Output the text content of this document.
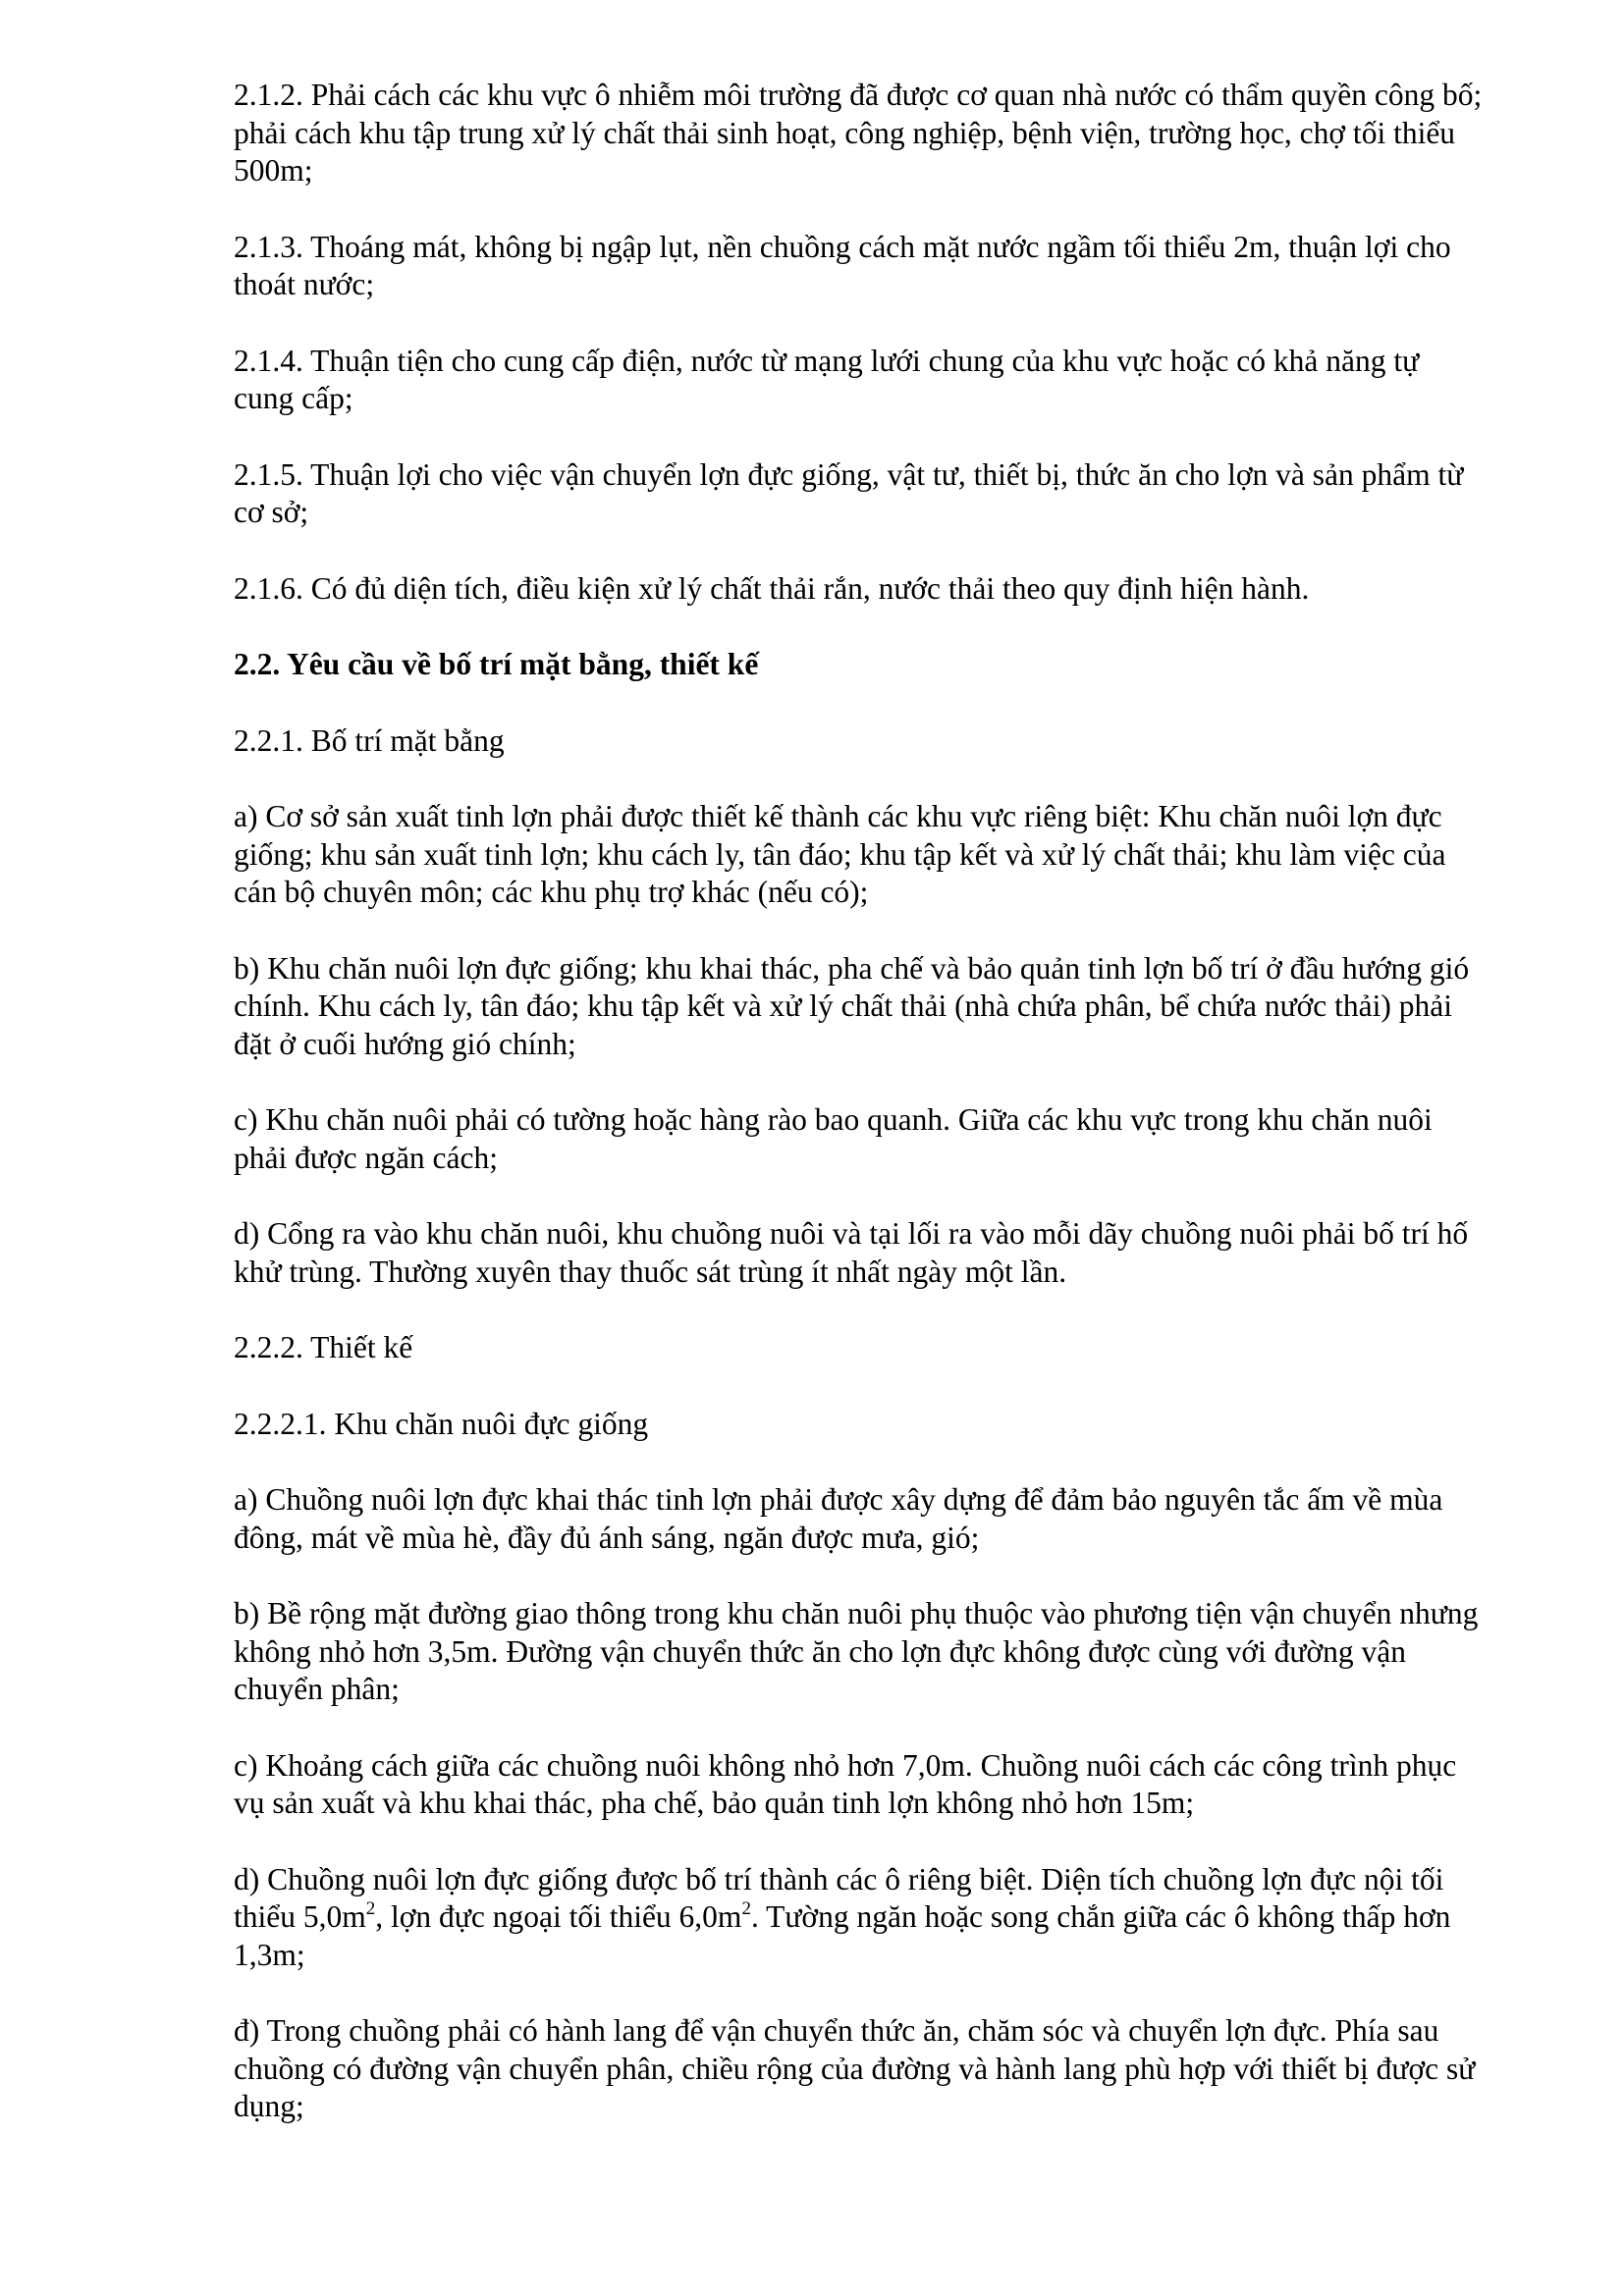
2.1.2. Phải cách các khu vực ô nhiễm môi trường đã được cơ quan nhà nước có thẩm quyền công bố; phải cách khu tập trung xử lý chất thải sinh hoạt, công nghiệp, bệnh viện, trường học, chợ tối thiểu 500m;

2.1.3. Thoáng mát, không bị ngập lụt, nền chuồng cách mặt nước ngầm tối thiểu 2m, thuận lợi cho thoát nước;

2.1.4. Thuận tiện cho cung cấp điện, nước từ mạng lưới chung của khu vực hoặc có khả năng tự cung cấp;

2.1.5. Thuận lợi cho việc vận chuyển lợn đực giống, vật tư, thiết bị, thức ăn cho lợn và sản phẩm từ cơ sở;

2.1.6. Có đủ diện tích, điều kiện xử lý chất thải rắn, nước thải theo quy định hiện hành.

2.2. Yêu cầu về bố trí mặt bằng, thiết kế

2.2.1. Bố trí mặt bằng

a) Cơ sở sản xuất tinh lợn phải được thiết kế thành các khu vực riêng biệt: Khu chăn nuôi lợn đực giống; khu sản xuất tinh lợn; khu cách ly, tân đáo; khu tập kết và xử lý chất thải; khu làm việc của cán bộ chuyên môn; các khu phụ trợ khác (nếu có);

b) Khu chăn nuôi lợn đực giống; khu khai thác, pha chế và bảo quản tinh lợn bố trí ở đầu hướng gió chính. Khu cách ly, tân đáo; khu tập kết và xử lý chất thải (nhà chứa phân, bể chứa nước thải) phải đặt ở cuối hướng gió chính;

c) Khu chăn nuôi phải có tường hoặc hàng rào bao quanh. Giữa các khu vực trong khu chăn nuôi phải được ngăn cách;

d) Cổng ra vào khu chăn nuôi, khu chuồng nuôi và tại lối ra vào mỗi dãy chuồng nuôi phải bố trí hố khử trùng. Thường xuyên thay thuốc sát trùng ít nhất ngày một lần.

2.2.2. Thiết kế

2.2.2.1. Khu chăn nuôi đực giống

a) Chuồng nuôi lợn đực khai thác tinh lợn phải được xây dựng để đảm bảo nguyên tắc ấm về mùa đông, mát về mùa hè, đầy đủ ánh sáng, ngăn được mưa, gió;

b) Bề rộng mặt đường giao thông trong khu chăn nuôi phụ thuộc vào phương tiện vận chuyển nhưng không nhỏ hơn 3,5m. Đường vận chuyển thức ăn cho lợn đực không được cùng với đường vận chuyển phân;

c) Khoảng cách giữa các chuồng nuôi không nhỏ hơn 7,0m. Chuồng nuôi cách các công trình phục vụ sản xuất và khu khai thác, pha chế, bảo quản tinh lợn không nhỏ hơn 15m;

d) Chuồng nuôi lợn đực giống được bố trí thành các ô riêng biệt. Diện tích chuồng lợn đực nội tối thiểu $5,0m^2$, lợn đực ngoại tối thiểu $6,0m^2$. Tường ngăn hoặc song chắn giữa các ô không thấp hơn 1,3m;

đ) Trong chuồng phải có hành lang để vận chuyển thức ăn, chăm sóc và chuyển lợn đực. Phía sau chuồng có đường vận chuyển phân, chiều rộng của đường và hành lang phù hợp với thiết bị được sử dụng;
